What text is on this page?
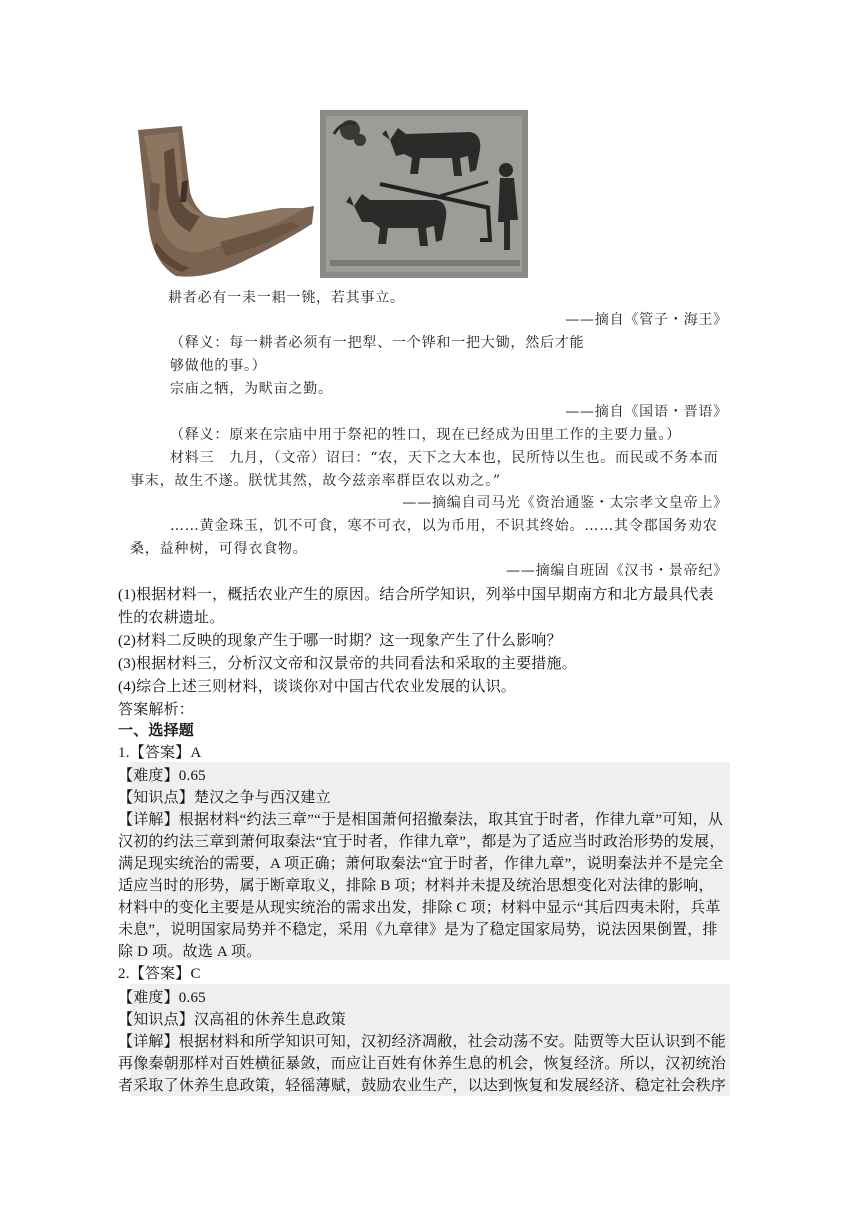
耕者必有一耒一耜一铫，若其事立。
——摘自《管子・海王》
（释义：每一耕者必须有一把犁、一个铧和一把大锄，然后才能
够做他的事。）
宗庙之牺，为畎亩之勤。
——摘自《国语・晋语》
（释义：原来在宗庙中用于祭祀的牲口，现在已经成为田里工作的主要力量。）
材料三　九月，（文帝）诏曰：“农，天下之大本也，民所恃以生也。而民或不务本而
事末，故生不遂。朕忧其然，故今兹亲率群臣农以劝之。”
——摘编自司马光《资治通鉴・太宗孝文皇帝上》
……黄金珠玉，饥不可食，寒不可衣，以为币用，不识其终始。……其令郡国务劝农
桑，益种树，可得衣食物。
——摘编自班固《汉书・景帝纪》
(1)根据材料一，概括农业产生的原因。结合所学知识，列举中国早期南方和北方最具代表
性的农耕遗址。
(2)材料二反映的现象产生于哪一时期？这一现象产生了什么影响？
(3)根据材料三，分析汉文帝和汉景帝的共同看法和采取的主要措施。
(4)综合上述三则材料，谈谈你对中国古代农业发展的认识。
答案解析：
一、选择题
1.【答案】A
【难度】0.65
【知识点】楚汉之争与西汉建立
【详解】根据材料“约法三章”“于是相国萧何招撤秦法，取其宜于时者，作律九章”可知，从
汉初的约法三章到萧何取秦法“宜于时者，作律九章”，都是为了适应当时政治形势的发展，
满足现实统治的需要，A 项正确；萧何取秦法“宜于时者，作律九章”，说明秦法并不是完全
适应当时的形势，属于断章取义，排除 B 项；材料并未提及统治思想变化对法律的影响，
材料中的变化主要是从现实统治的需求出发，排除 C 项；材料中显示“其后四夷未附，兵革
未息”，说明国家局势并不稳定，采用《九章律》是为了稳定国家局势，说法因果倒置，排
除 D 项。故选 A 项。
2.【答案】C
【难度】0.65
【知识点】汉高祖的休养生息政策
【详解】根据材料和所学知识可知，汉初经济凋敝，社会动荡不安。陆贾等大臣认识到不能
再像秦朝那样对百姓横征暴敛，而应让百姓有休养生息的机会，恢复经济。所以，汉初统治
者采取了休养生息政策，轻徭薄赋，鼓励农业生产，以达到恢复和发展经济、稳定社会秩序
